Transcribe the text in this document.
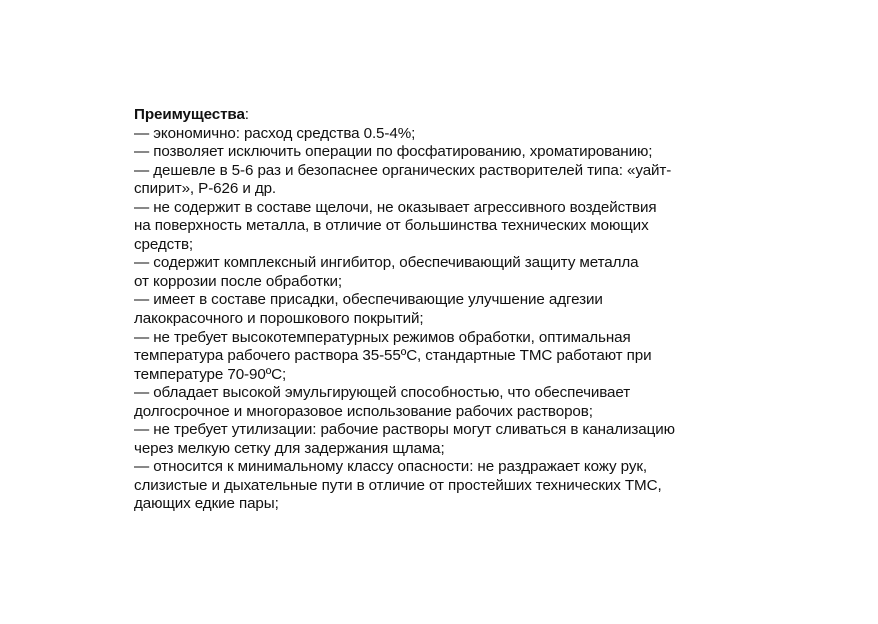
Преимущества:
— экономично: расход средства 0.5-4%;
— позволяет исключить операции по фосфатированию, хроматированию;
— дешевле в 5-6 раз и безопаснее органических растворителей типа: «уайт-
спирит», Р-626 и др.
— не содержит в составе щелочи, не оказывает агрессивного воздействия
на поверхность металла, в отличие от большинства технических моющих
средств;
— содержит комплексный ингибитор, обеспечивающий защиту металла
от коррозии после обработки;
— имеет в составе присадки, обеспечивающие улучшение адгезии
лакокрасочного и порошкового покрытий;
— не требует высокотемпературных режимов обработки, оптимальная
температура рабочего раствора 35-55ºC, стандартные ТМС работают при
температуре 70-90ºC;
— обладает высокой эмульгирующей способностью, что обеспечивает
долгосрочное и многоразовое использование рабочих растворов;
— не требует утилизации: рабочие растворы могут сливаться в канализацию
через мелкую сетку для задержания щлама;
— относится к минимальному классу опасности: не раздражает кожу рук,
слизистые и дыхательные пути в отличие от простейших технических ТМС,
дающих едкие пары;
